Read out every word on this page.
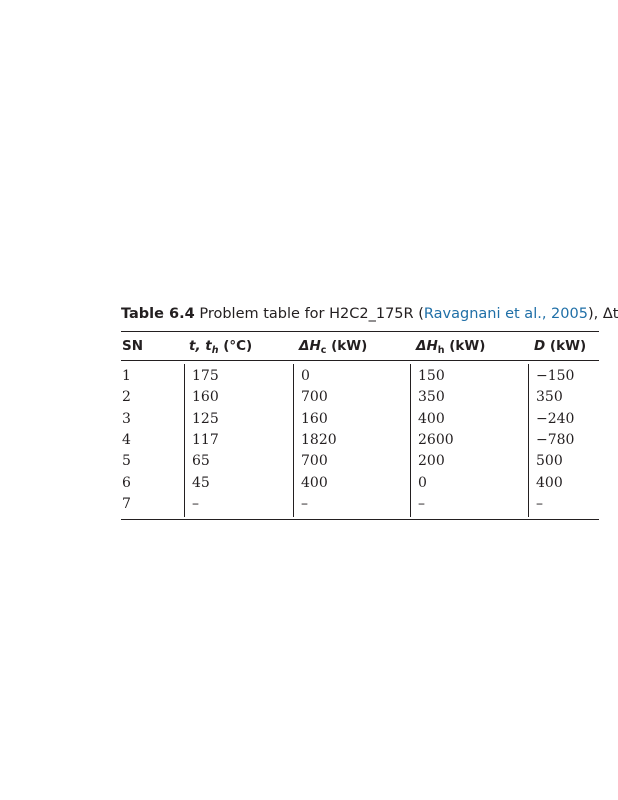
Table 6.4 Problem table for H2C2_175R (Ravagnani et al., 2005), Δt
SN	t, $t_h$ (°C)	$\Delta H_c$ (kW)	$\Delta H_h$ (kW)	D (kW)
1	175	0	150	−150
2	160	700	350	350
3	125	160	400	−240
4	117	1820	2600	−780
5	65	700	200	500
6	45	400	0	400
7	–	–	–	–
